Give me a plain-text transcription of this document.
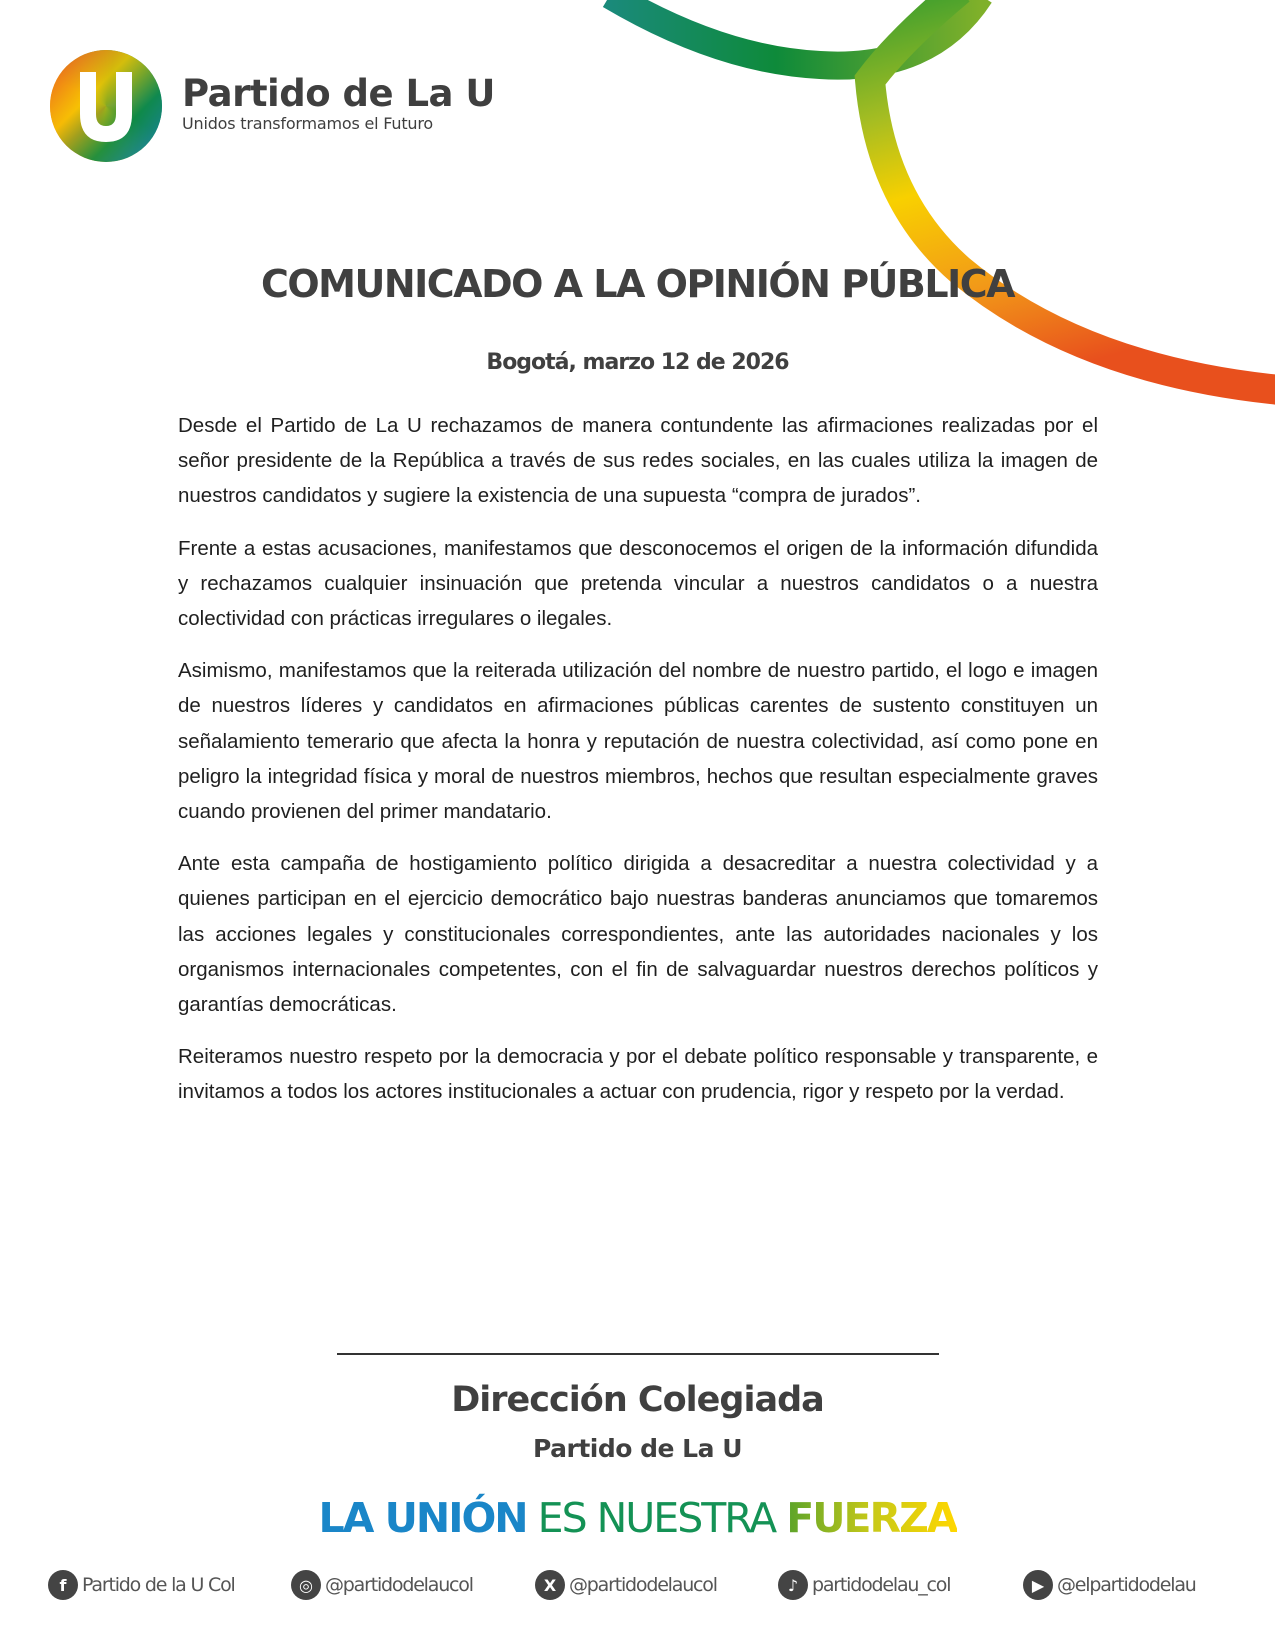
Partido de La U
Unidos transformamos el Futuro
COMUNICADO A LA OPINIÓN PÚBLICA
Bogotá, marzo 12 de 2026

Desde el Partido de La U rechazamos de manera contundente las afirmaciones realizadas por el señor presidente de la República a través de sus redes sociales, en las cuales utiliza la imagen de nuestros candidatos y sugiere la existencia de una supuesta “compra de jurados”.

Frente a estas acusaciones, manifestamos que desconocemos el origen de la información difundida y rechazamos cualquier insinuación que pretenda vincular a nuestros candidatos o a nuestra colectividad con prácticas irregulares o ilegales.

Asimismo, manifestamos que la reiterada utilización del nombre de nuestro partido, el logo e imagen de nuestros líderes y candidatos en afirmaciones públicas carentes de sustento constituyen un señalamiento temerario que afecta la honra y reputación de nuestra colectividad, así como pone en peligro la integridad física y moral de nuestros miembros, hechos que resultan especialmente graves cuando provienen del primer mandatario.

Ante esta campaña de hostigamiento político dirigida a desacreditar a nuestra colectividad y a quienes participan en el ejercicio democrático bajo nuestras banderas anunciamos que tomaremos las acciones legales y constitucionales correspondientes, ante las autoridades nacionales y los organismos internacionales competentes, con el fin de salvaguardar nuestros derechos políticos y garantías democráticas.

Reiteramos nuestro respeto por la democracia y por el debate político responsable y transparente, e invitamos a todos los actores institucionales a actuar con prudencia, rigor y respeto por la verdad.

Dirección Colegiada
Partido de La U
LA UNIÓN ES NUESTRA FUERZA
f Partido de la U Col	◎ @partidodelaucol	X @partidodelaucol	♪ partidodelau_col	▶ @elpartidodelau
